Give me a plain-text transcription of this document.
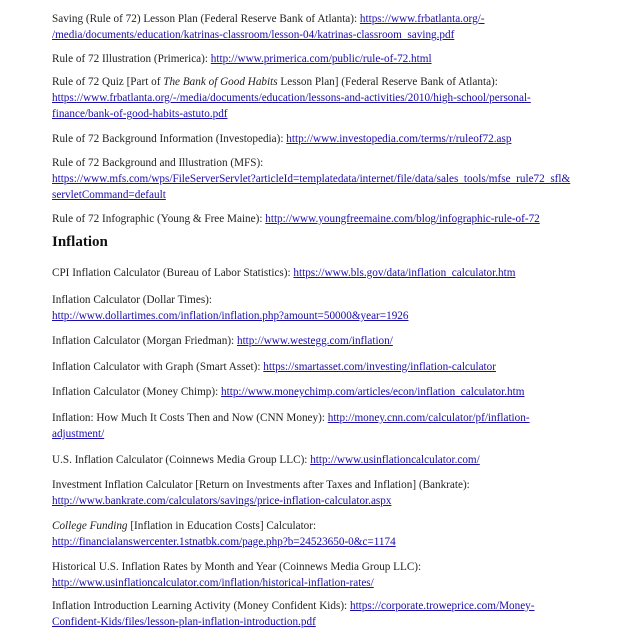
Saving (Rule of 72) Lesson Plan (Federal Reserve Bank of Atlanta): https://www.frbatlanta.org/-
/media/documents/education/katrinas-classroom/lesson-04/katrinas-classroom_saving.pdf
Rule of 72 Illustration (Primerica): http://www.primerica.com/public/rule-of-72.html
Rule of 72 Quiz [Part of The Bank of Good Habits Lesson Plan] (Federal Reserve Bank of Atlanta):
https://www.frbatlanta.org/-/media/documents/education/lessons-and-activities/2010/high-school/personal-
finance/bank-of-good-habits-astuto.pdf
Rule of 72 Background Information (Investopedia): http://www.investopedia.com/terms/r/ruleof72.asp
Rule of 72 Background and Illustration (MFS):
https://www.mfs.com/wps/FileServerServlet?articleId=templatedata/internet/file/data/sales_tools/mfse_rule72_sfl&
servletCommand=default
Rule of 72 Infographic (Young & Free Maine): http://www.youngfreemaine.com/blog/infographic-rule-of-72
Inflation
CPI Inflation Calculator (Bureau of Labor Statistics): https://www.bls.gov/data/inflation_calculator.htm
Inflation Calculator (Dollar Times):
http://www.dollartimes.com/inflation/inflation.php?amount=50000&year=1926
Inflation Calculator (Morgan Friedman): http://www.westegg.com/inflation/
Inflation Calculator with Graph (Smart Asset): https://smartasset.com/investing/inflation-calculator
Inflation Calculator (Money Chimp): http://www.moneychimp.com/articles/econ/inflation_calculator.htm
Inflation: How Much It Costs Then and Now (CNN Money): http://money.cnn.com/calculator/pf/inflation-
adjustment/
U.S. Inflation Calculator (Coinnews Media Group LLC): http://www.usinflationcalculator.com/
Investment Inflation Calculator [Return on Investments after Taxes and Inflation] (Bankrate):
http://www.bankrate.com/calculators/savings/price-inflation-calculator.aspx
College Funding [Inflation in Education Costs] Calculator:
http://financialanswercenter.1stnatbk.com/page.php?b=24523650-0&c=1174
Historical U.S. Inflation Rates by Month and Year (Coinnews Media Group LLC):
http://www.usinflationcalculator.com/inflation/historical-inflation-rates/
Inflation Introduction Learning Activity (Money Confident Kids): https://corporate.troweprice.com/Money-
Confident-Kids/files/lesson-plan-inflation-introduction.pdf
